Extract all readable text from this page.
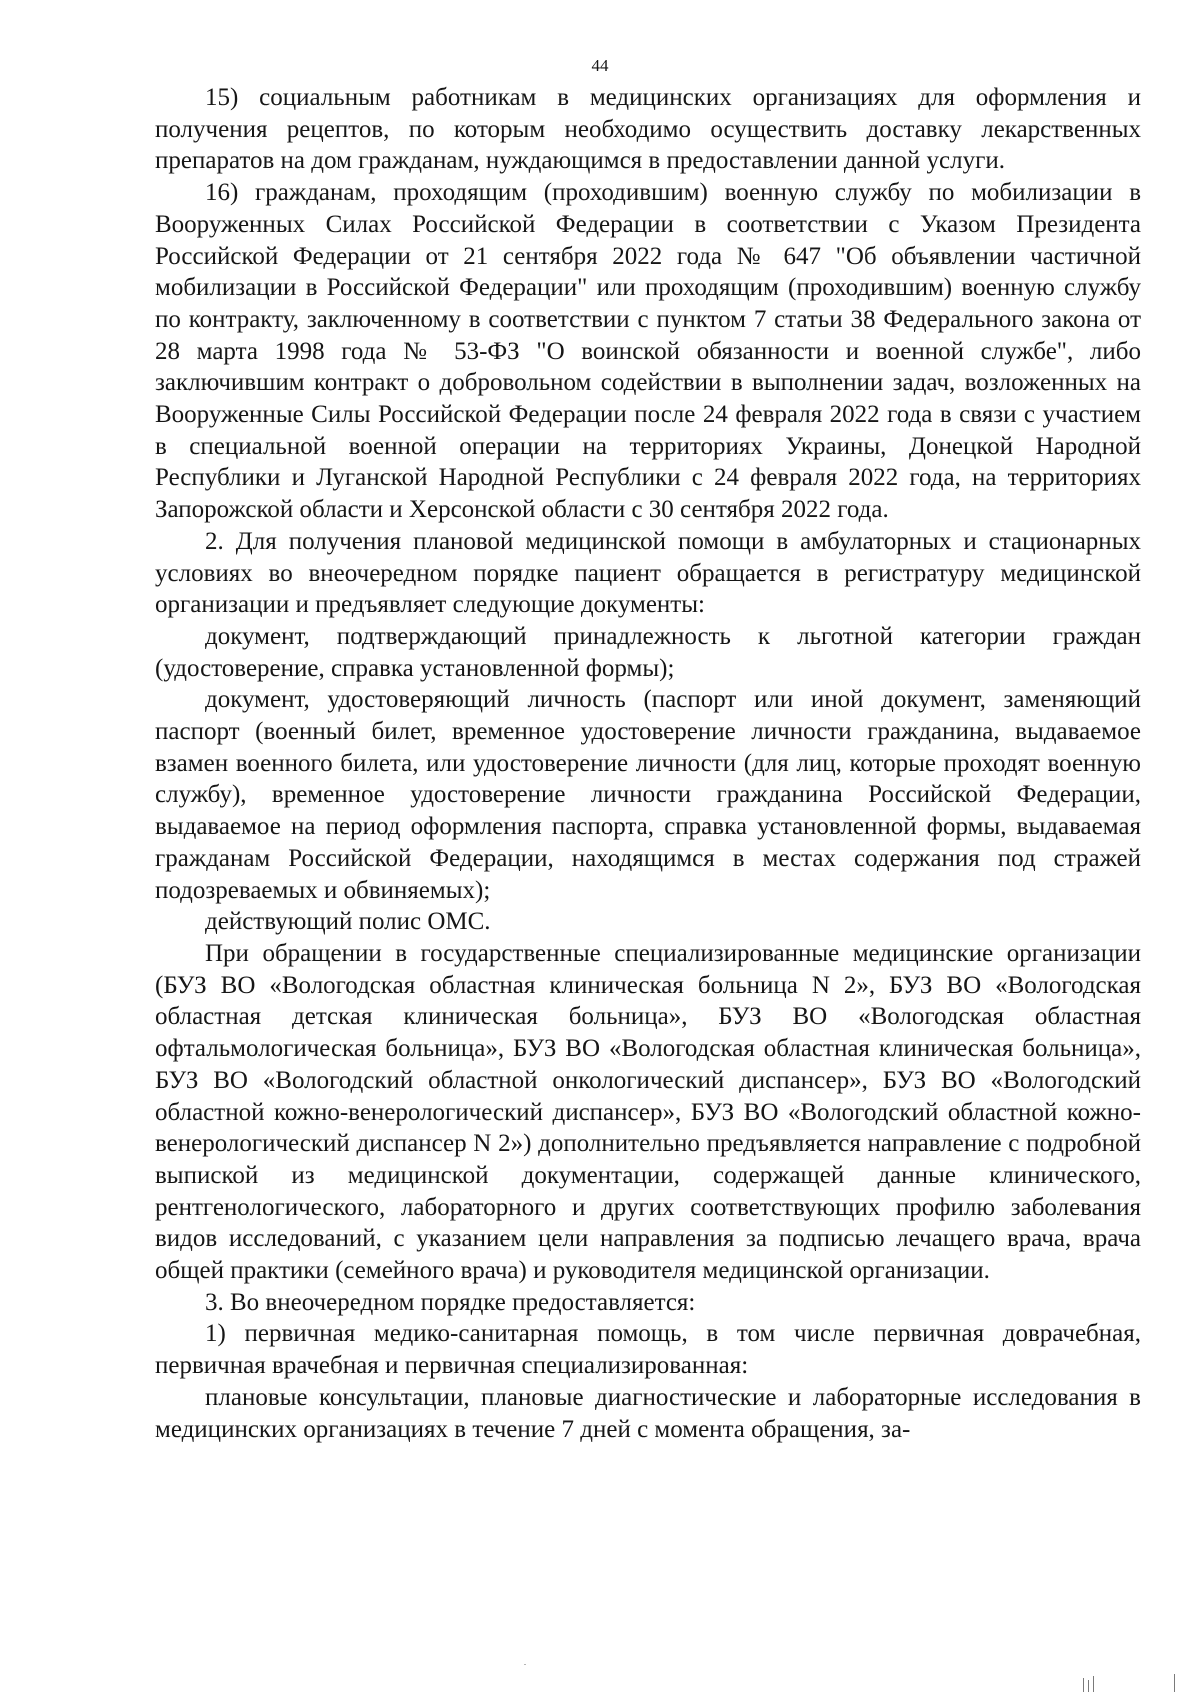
44

15) социальным работникам в медицинских организациях для оформления и получения рецептов, по которым необходимо осуществить доставку лекарственных препаратов на дом гражданам, нуждающимся в предоставлении данной услуги.

16) гражданам, проходящим (проходившим) военную службу по мобилизации в Вооруженных Силах Российской Федерации в соответствии с Указом Президента Российской Федерации от 21 сентября 2022 года № 647 "Об объявлении частичной мобилизации в Российской Федерации" или проходящим (проходившим) военную службу по контракту, заключенному в соответствии с пунктом 7 статьи 38 Федерального закона от 28 марта 1998 года № 53-ФЗ "О воинской обязанности и военной службе", либо заключившим контракт о добровольном содействии в выполнении задач, возложенных на Вооруженные Силы Российской Федерации после 24 февраля 2022 года в связи с участием в специальной военной операции на территориях Украины, Донецкой Народной Республики и Луганской Народной Республики с 24 февраля 2022 года, на территориях Запорожской области и Херсонской области с 30 сентября 2022 года.

2. Для получения плановой медицинской помощи в амбулаторных и стационарных условиях во внеочередном порядке пациент обращается в регистратуру медицинской организации и предъявляет следующие документы:

документ, подтверждающий принадлежность к льготной категории граждан (удостоверение, справка установленной формы);

документ, удостоверяющий личность (паспорт или иной документ, заменяющий паспорт (военный билет, временное удостоверение личности гражданина, выдаваемое взамен военного билета, или удостоверение личности (для лиц, которые проходят военную службу), временное удостоверение личности гражданина Российской Федерации, выдаваемое на период оформления паспорта, справка установленной формы, выдаваемая гражданам Российской Федерации, находящимся в местах содержания под стражей подозреваемых и обвиняемых);

действующий полис ОМС.

При обращении в государственные специализированные медицинские организации (БУЗ ВО «Вологодская областная клиническая больница N 2», БУЗ ВО «Вологодская областная детская клиническая больница», БУЗ ВО «Вологодская областная офтальмологическая больница», БУЗ ВО «Вологодская областная клиническая больница», БУЗ ВО «Вологодский областной онкологический диспансер», БУЗ ВО «Вологодский областной кожно-венерологический диспансер», БУЗ ВО «Вологодский областной кожно-венерологический диспансер N 2») дополнительно предъявляется направление с подробной выпиской из медицинской документации, содержащей данные клинического, рентгенологического, лабораторного и других соответствующих профилю заболевания видов исследований, с указанием цели направления за подписью лечащего врача, врача общей практики (семейного врача) и руководителя медицинской организации.

3. Во внеочередном порядке предоставляется:

1) первичная медико-санитарная помощь, в том числе первичная доврачебная, первичная врачебная и первичная специализированная:

плановые консультации, плановые диагностические и лабораторные исследования в медицинских организациях в течение 7 дней с момента обращения, за-
